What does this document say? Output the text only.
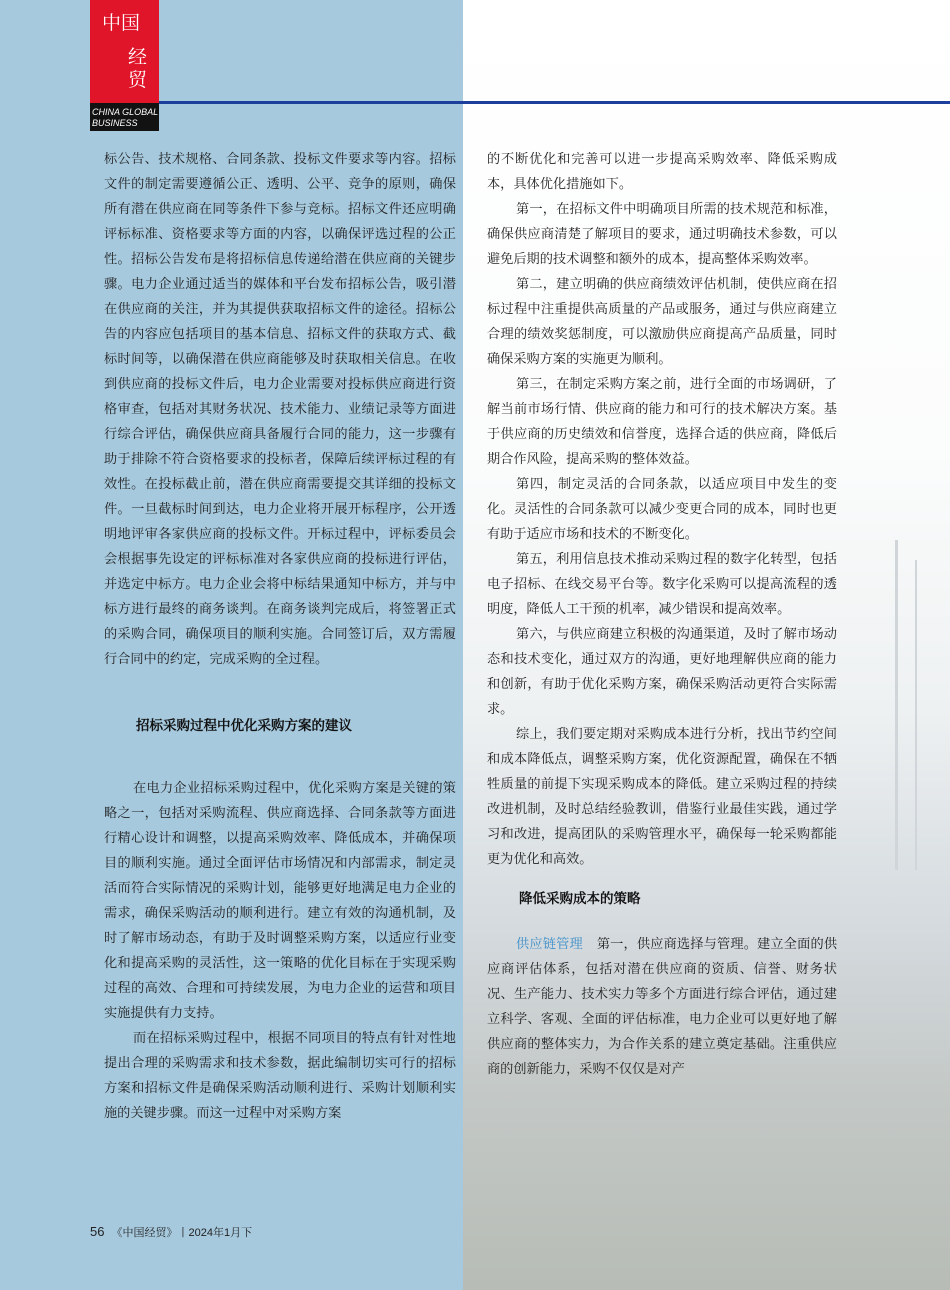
中国
经贸
CHINA GLOBAL BUSINESS

标公告、技术规格、合同条款、投标文件要求等内容。招标文件的制定需要遵循公正、透明、公平、竞争的原则，确保所有潜在供应商在同等条件下参与竞标。招标文件还应明确评标标准、资格要求等方面的内容，以确保评选过程的公正性。招标公告发布是将招标信息传递给潜在供应商的关键步骤。电力企业通过适当的媒体和平台发布招标公告，吸引潜在供应商的关注，并为其提供获取招标文件的途径。招标公告的内容应包括项目的基本信息、招标文件的获取方式、截标时间等，以确保潜在供应商能够及时获取相关信息。在收到供应商的投标文件后，电力企业需要对投标供应商进行资格审查，包括对其财务状况、技术能力、业绩记录等方面进行综合评估，确保供应商具备履行合同的能力，这一步骤有助于排除不符合资格要求的投标者，保障后续评标过程的有效性。在投标截止前，潜在供应商需要提交其详细的投标文件。一旦截标时间到达，电力企业将开展开标程序，公开透明地评审各家供应商的投标文件。开标过程中，评标委员会会根据事先设定的评标标准对各家供应商的投标进行评估，并选定中标方。电力企业会将中标结果通知中标方，并与中标方进行最终的商务谈判。在商务谈判完成后，将签署正式的采购合同，确保项目的顺利实施。合同签订后，双方需履行合同中的约定，完成采购的全过程。

招标采购过程中优化采购方案的建议

在电力企业招标采购过程中，优化采购方案是关键的策略之一，包括对采购流程、供应商选择、合同条款等方面进行精心设计和调整，以提高采购效率、降低成本，并确保项目的顺利实施。通过全面评估市场情况和内部需求，制定灵活而符合实际情况的采购计划，能够更好地满足电力企业的需求，确保采购活动的顺利进行。建立有效的沟通机制，及时了解市场动态，有助于及时调整采购方案，以适应行业变化和提高采购的灵活性，这一策略的优化目标在于实现采购过程的高效、合理和可持续发展，为电力企业的运营和项目实施提供有力支持。

而在招标采购过程中，根据不同项目的特点有针对性地提出合理的采购需求和技术参数，据此编制切实可行的招标方案和招标文件是确保采购活动顺利进行、采购计划顺利实施的关键步骤。而这一过程中对采购方案

的不断优化和完善可以进一步提高采购效率、降低采购成本，具体优化措施如下。

第一，在招标文件中明确项目所需的技术规范和标准，确保供应商清楚了解项目的要求，通过明确技术参数，可以避免后期的技术调整和额外的成本，提高整体采购效率。

第二，建立明确的供应商绩效评估机制，使供应商在招标过程中注重提供高质量的产品或服务，通过与供应商建立合理的绩效奖惩制度，可以激励供应商提高产品质量，同时确保采购方案的实施更为顺利。

第三，在制定采购方案之前，进行全面的市场调研，了解当前市场行情、供应商的能力和可行的技术解决方案。基于供应商的历史绩效和信誉度，选择合适的供应商，降低后期合作风险，提高采购的整体效益。

第四，制定灵活的合同条款，以适应项目中发生的变化。灵活性的合同条款可以减少变更合同的成本，同时也更有助于适应市场和技术的不断变化。

第五，利用信息技术推动采购过程的数字化转型，包括电子招标、在线交易平台等。数字化采购可以提高流程的透明度，降低人工干预的机率，减少错误和提高效率。

第六，与供应商建立积极的沟通渠道，及时了解市场动态和技术变化，通过双方的沟通，更好地理解供应商的能力和创新，有助于优化采购方案，确保采购活动更符合实际需求。

综上，我们要定期对采购成本进行分析，找出节约空间和成本降低点，调整采购方案，优化资源配置，确保在不牺牲质量的前提下实现采购成本的降低。建立采购过程的持续改进机制，及时总结经验教训，借鉴行业最佳实践，通过学习和改进，提高团队的采购管理水平，确保每一轮采购都能更为优化和高效。

降低采购成本的策略

供应链管理 第一，供应商选择与管理。建立全面的供应商评估体系，包括对潜在供应商的资质、信誉、财务状况、生产能力、技术实力等多个方面进行综合评估，通过建立科学、客观、全面的评估标准，电力企业可以更好地了解供应商的整体实力，为合作关系的建立奠定基础。注重供应商的创新能力，采购不仅仅是对产

56 《中国经贸》丨2024年1月下
